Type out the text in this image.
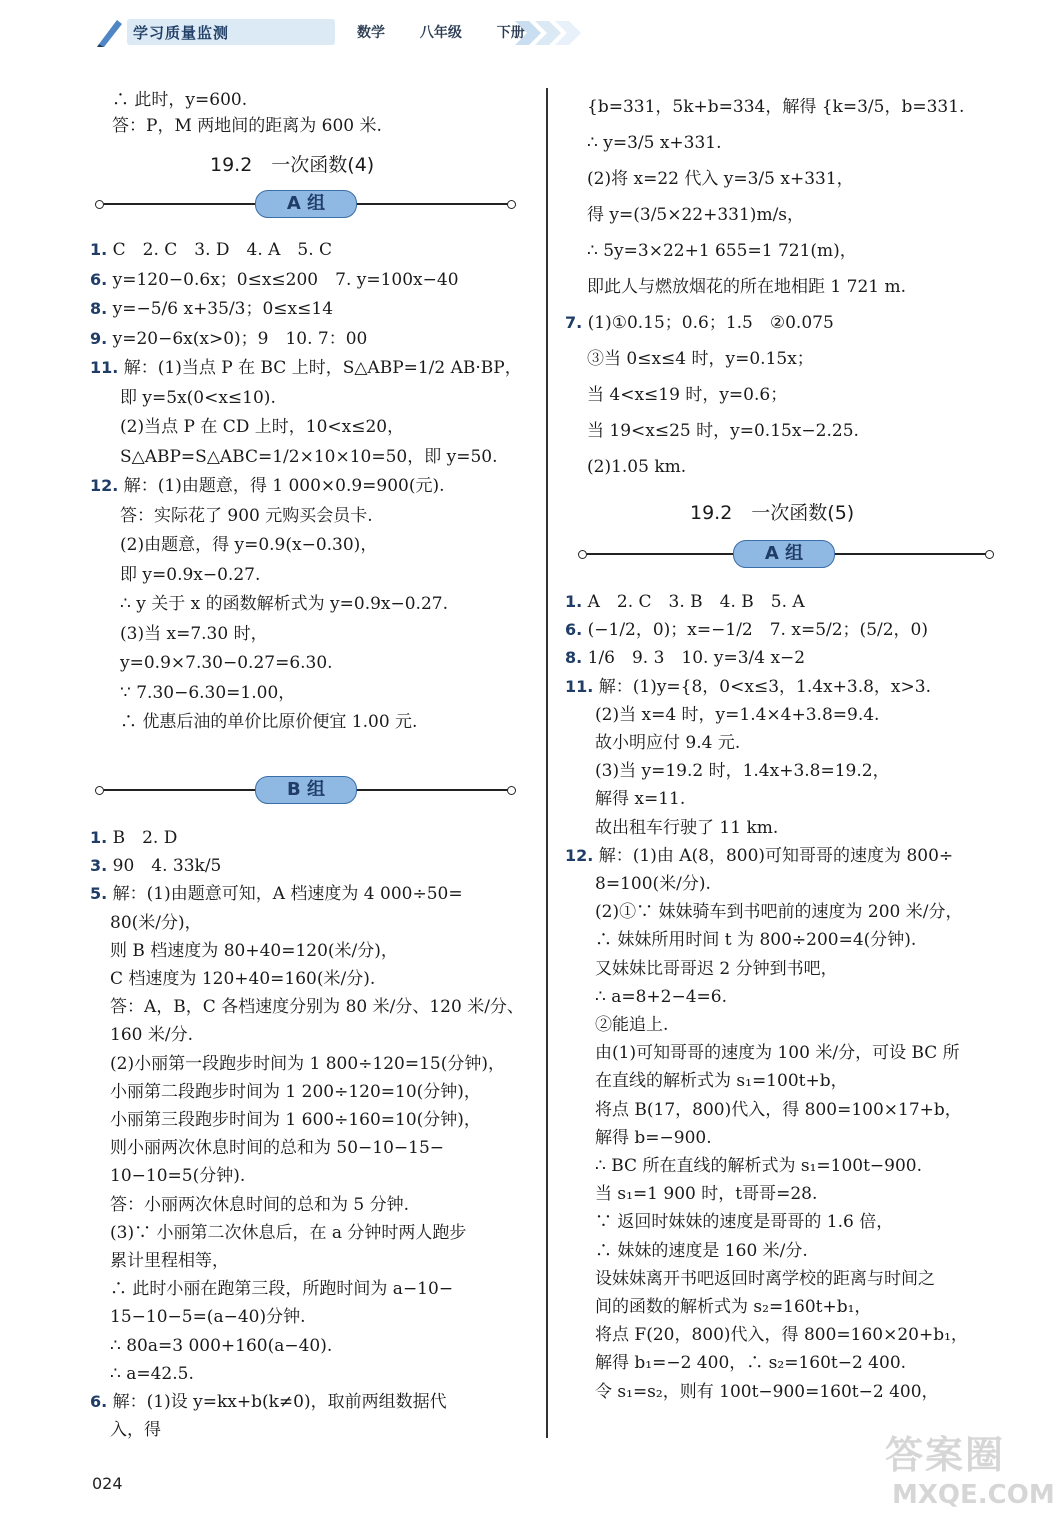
学习质量监测	数学 八年级 下册
∴ 此时，y=600.
答：P，M 两地间的距离为 600 米.
19.2　一次函数(4)
A 组
1. C　2. C　3. D　4. A　5. C
6. y=120−0.6x；0≤x≤200　7. y=100x−40
8. y=−5/6 x+35/3；0≤x≤14
9. y=20−6x(x>0)；9　10. 7：00
11. 解：(1)当点 P 在 BC 上时，S△ABP=1/2 AB·BP，
即 y=5x(0<x≤10).
(2)当点 P 在 CD 上时，10<x≤20，
S△ABP=S△ABC=1/2×10×10=50，即 y=50.
12. 解：(1)由题意，得 1 000×0.9=900(元).
答：实际花了 900 元购买会员卡.
(2)由题意，得 y=0.9(x−0.30)，
即 y=0.9x−0.27.
∴ y 关于 x 的函数解析式为 y=0.9x−0.27.
(3)当 x=7.30 时，
y=0.9×7.30−0.27=6.30.
∵ 7.30−6.30=1.00，
∴ 优惠后油的单价比原价便宜 1.00 元.
B 组
1. B　2. D
3. 90　4. 33k/5
5. 解：(1)由题意可知，A 档速度为 4 000÷50=
80(米/分)，
则 B 档速度为 80+40=120(米/分)，
C 档速度为 120+40=160(米/分).
答：A，B，C 各档速度分别为 80 米/分、120 米/分、
160 米/分.
(2)小丽第一段跑步时间为 1 800÷120=15(分钟)，
小丽第二段跑步时间为 1 200÷120=10(分钟)，
小丽第三段跑步时间为 1 600÷160=10(分钟)，
则小丽两次休息时间的总和为 50−10−15−
10−10=5(分钟).
答：小丽两次休息时间的总和为 5 分钟.
(3)∵ 小丽第二次休息后，在 a 分钟时两人跑步
累计里程相等，
∴ 此时小丽在跑第三段，所跑时间为 a−10−
15−10−5=(a−40)分钟.
∴ 80a=3 000+160(a−40).
∴ a=42.5.
6. 解：(1)设 y=kx+b(k≠0)，取前两组数据代
入，得
{b=331，5k+b=334，解得 {k=3/5，b=331.
∴ y=3/5 x+331.
(2)将 x=22 代入 y=3/5 x+331，
得 y=(3/5×22+331)m/s，
∴ 5y=3×22+1 655=1 721(m)，
即此人与燃放烟花的所在地相距 1 721 m.
7. (1)①0.15；0.6；1.5　②0.075
③当 0≤x≤4 时，y=0.15x；
当 4<x≤19 时，y=0.6；
当 19<x≤25 时，y=0.15x−2.25.
(2)1.05 km.
19.2　一次函数(5)
A 组
1. A　2. C　3. B　4. B　5. A
6. (−1/2，0)；x=−1/2　7. x=5/2；(5/2，0)
8. 1/6　9. 3　10. y=3/4 x−2
11. 解：(1)y={8，0<x≤3，1.4x+3.8，x>3.
(2)当 x=4 时，y=1.4×4+3.8=9.4.
故小明应付 9.4 元.
(3)当 y=19.2 时，1.4x+3.8=19.2，
解得 x=11.
故出租车行驶了 11 km.
12. 解：(1)由 A(8，800)可知哥哥的速度为 800÷
8=100(米/分).
(2)①∵ 妹妹骑车到书吧前的速度为 200 米/分，
∴ 妹妹所用时间 t 为 800÷200=4(分钟).
又妹妹比哥哥迟 2 分钟到书吧，
∴ a=8+2−4=6.
②能追上.
由(1)可知哥哥的速度为 100 米/分，可设 BC 所
在直线的解析式为 s₁=100t+b，
将点 B(17，800)代入，得 800=100×17+b，
解得 b=−900.
∴ BC 所在直线的解析式为 s₁=100t−900.
当 s₁=1 900 时，t哥哥=28.
∵ 返回时妹妹的速度是哥哥的 1.6 倍，
∴ 妹妹的速度是 160 米/分.
设妹妹离开书吧返回时离学校的距离与时间之
间的函数的解析式为 s₂=160t+b₁，
将点 F(20，800)代入，得 800=160×20+b₁，
解得 b₁=−2 400，∴ s₂=160t−2 400.
令 s₁=s₂，则有 100t−900=160t−2 400，
024
答案圈
MXQE.COM
